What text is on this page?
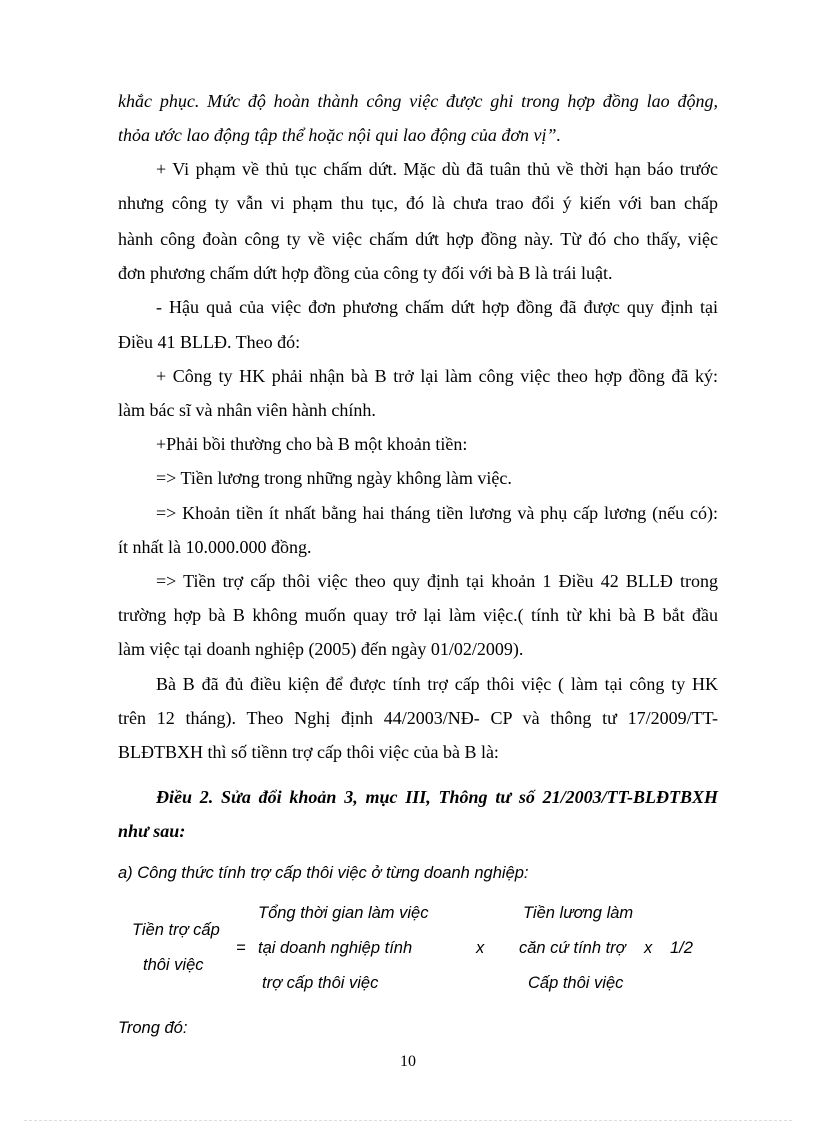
khắc phục. Mức độ hoàn thành công việc được ghi trong hợp đồng lao động,

thỏa ước lao động tập thể hoặc nội qui lao động của đơn vị”.

+ Vi phạm về thủ tục chấm dứt. Mặc dù đã tuân thủ về thời hạn báo trước

nhưng công ty vẫn vi phạm thu tục, đó là chưa trao đổi ý kiến với ban chấp

hành công đoàn công ty về việc chấm dứt hợp đồng này. Từ đó cho thấy, việc

đơn phương chấm dứt hợp đồng của công ty đối với bà B là trái luật.

- Hậu quả của việc đơn phương chấm dứt hợp đồng đã được quy định tại

Điều 41 BLLĐ. Theo đó:

+ Công ty HK phải nhận bà B trở lại làm công việc theo hợp đồng đã ký:

làm bác sĩ và nhân viên hành chính.

+Phải bồi thường cho bà B một khoản tiền:

=> Tiền lương trong những ngày không làm việc.

=> Khoản tiền ít nhất bằng hai tháng tiền lương và phụ cấp lương (nếu có):

ít nhất là 10.000.000 đồng.

=> Tiền trợ cấp thôi việc theo quy định tại khoản 1 Điều 42 BLLĐ trong

trường hợp bà B không muốn quay trở lại làm việc.( tính từ khi bà B bắt đầu

làm việc tại doanh nghiệp (2005) đến ngày 01/02/2009).

Bà B đã đủ điều kiện để được tính trợ cấp thôi việc ( làm tại công ty HK

trên 12 tháng). Theo Nghị định 44/2003/NĐ- CP và thông tư 17/2009/TT-

BLĐTBXH thì số tiềnn trợ cấp thôi việc của bà B là:

Điều 2. Sửa đổi khoản 3, mục III, Thông tư số 21/2003/TT-BLĐTBXH

như sau:

a) Công thức tính trợ cấp thôi việc ở từng doanh nghiệp:

Tiền trợ cấp

thôi việc

=

Tổng thời gian làm việc

tại doanh nghiệp tính

trợ cấp thôi việc

x

Tiền lương làm

căn cứ tính trợ

Cấp thôi việc

x 1/2

Trong đó:

10
